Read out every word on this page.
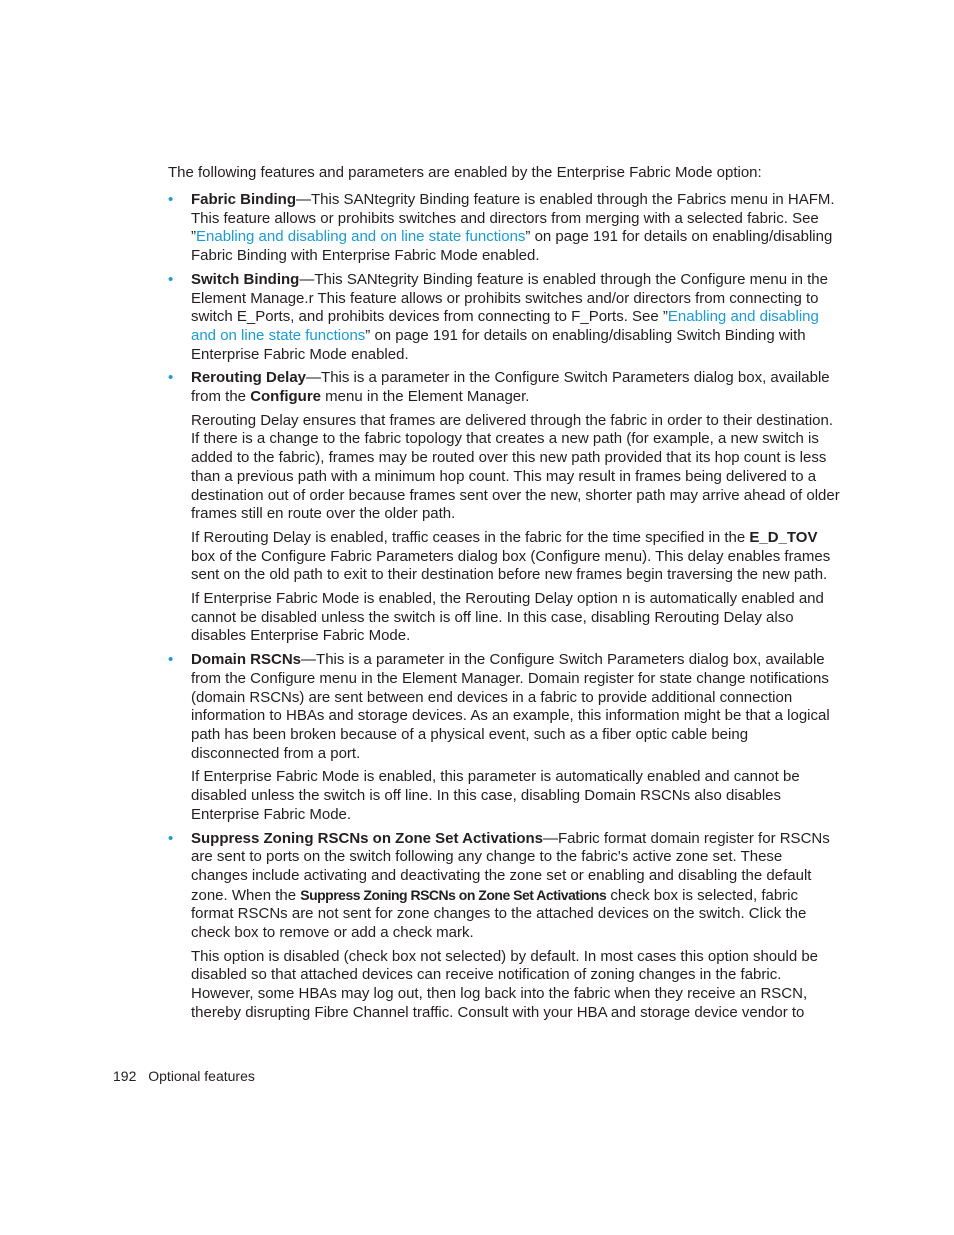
The following features and parameters are enabled by the Enterprise Fabric Mode option:

• Fabric Binding—This SANtegrity Binding feature is enabled through the Fabrics menu in HAFM. This feature allows or prohibits switches and directors from merging with a selected fabric. See ”Enabling and disabling and on line state functions” on page 191 for details on enabling/disabling Fabric Binding with Enterprise Fabric Mode enabled.

• Switch Binding—This SANtegrity Binding feature is enabled through the Configure menu in the Element Manage.r This feature allows or prohibits switches and/or directors from connecting to switch E_Ports, and prohibits devices from connecting to F_Ports. See ”Enabling and disabling and on line state functions” on page 191 for details on enabling/disabling Switch Binding with Enterprise Fabric Mode enabled.

• Rerouting Delay—This is a parameter in the Configure Switch Parameters dialog box, available from the Configure menu in the Element Manager.

Rerouting Delay ensures that frames are delivered through the fabric in order to their destination. If there is a change to the fabric topology that creates a new path (for example, a new switch is added to the fabric), frames may be routed over this new path provided that its hop count is less than a previous path with a minimum hop count. This may result in frames being delivered to a destination out of order because frames sent over the new, shorter path may arrive ahead of older frames still en route over the older path.

If Rerouting Delay is enabled, traffic ceases in the fabric for the time specified in the E_D_TOV box of the Configure Fabric Parameters dialog box (Configure menu). This delay enables frames sent on the old path to exit to their destination before new frames begin traversing the new path.

If Enterprise Fabric Mode is enabled, the Rerouting Delay option n is automatically enabled and cannot be disabled unless the switch is off line. In this case, disabling Rerouting Delay also disables Enterprise Fabric Mode.

• Domain RSCNs—This is a parameter in the Configure Switch Parameters dialog box, available from the Configure menu in the Element Manager. Domain register for state change notifications (domain RSCNs) are sent between end devices in a fabric to provide additional connection information to HBAs and storage devices. As an example, this information might be that a logical path has been broken because of a physical event, such as a fiber optic cable being disconnected from a port.

If Enterprise Fabric Mode is enabled, this parameter is automatically enabled and cannot be disabled unless the switch is off line. In this case, disabling Domain RSCNs also disables Enterprise Fabric Mode.

• Suppress Zoning RSCNs on Zone Set Activations—Fabric format domain register for RSCNs are sent to ports on the switch following any change to the fabric's active zone set. These changes include activating and deactivating the zone set or enabling and disabling the default zone. When the Suppress Zoning RSCNs on Zone Set Activations check box is selected, fabric format RSCNs are not sent for zone changes to the attached devices on the switch. Click the check box to remove or add a check mark.

This option is disabled (check box not selected) by default. In most cases this option should be disabled so that attached devices can receive notification of zoning changes in the fabric. However, some HBAs may log out, then log back into the fabric when they receive an RSCN, thereby disrupting Fibre Channel traffic. Consult with your HBA and storage device vendor to

192 Optional features
